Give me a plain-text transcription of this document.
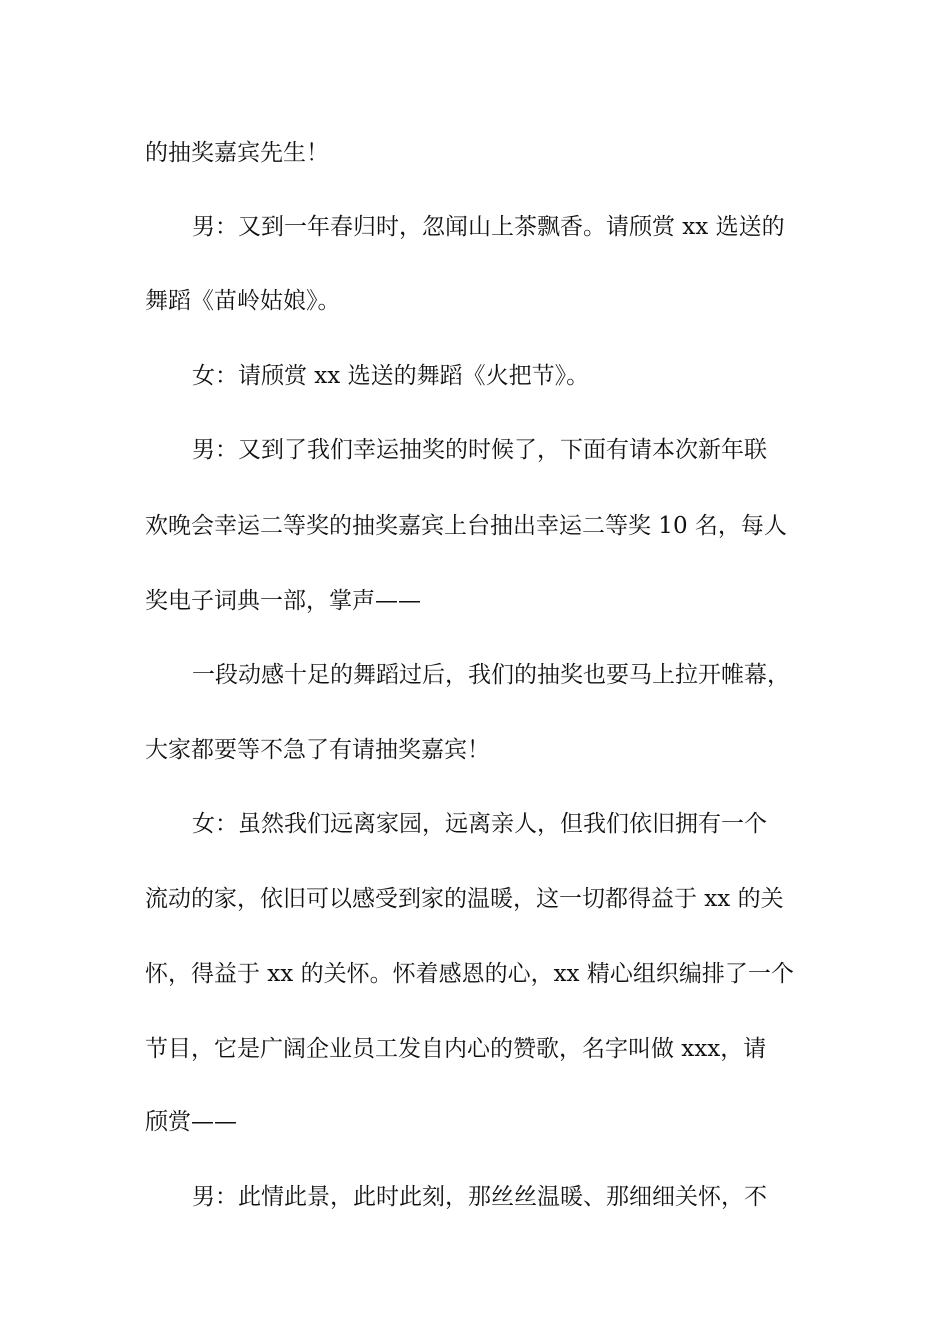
的抽奖嘉宾先生！

男：又到一年春归时，忽闻山上茶飘香。请颀赏 xx 选送的

舞蹈《苗岭姑娘》。

女：请颀赏 xx 选送的舞蹈《火把节》。

男：又到了我们幸运抽奖的时候了，下面有请本次新年联

欢晚会幸运二等奖的抽奖嘉宾上台抽出幸运二等奖 10 名，每人

奖电子词典一部，掌声——

一段动感十足的舞蹈过后，我们的抽奖也要马上拉开帷幕，

大家都要等不急了有请抽奖嘉宾！

女：虽然我们远离家园，远离亲人，但我们依旧拥有一个

流动的家，依旧可以感受到家的温暖，这一切都得益于 xx 的关

怀，得益于 xx 的关怀。怀着感恩的心，xx 精心组织编排了一个

节目，它是广阔企业员工发自内心的赞歌，名字叫做 xxx，请

颀赏——

男：此情此景，此时此刻，那丝丝温暖、那细细关怀，不
